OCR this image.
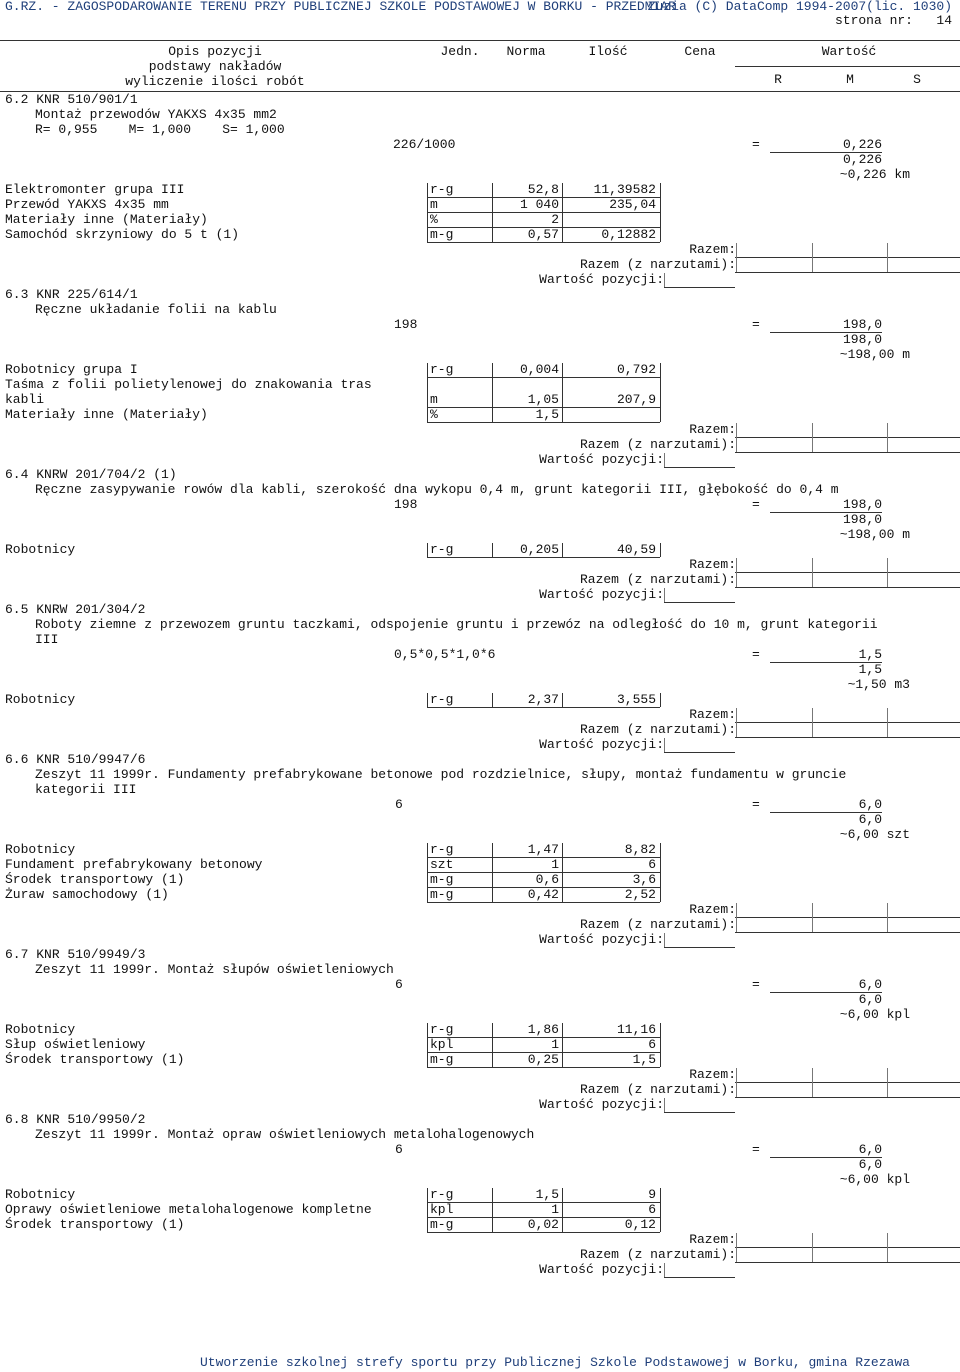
G.RZ. - ZAGOSPODAROWANIE TERENU PRZY PUBLICZNEJ SZKOLE PODSTAWOWEJ W BORKU - PRZEDMIAR
Zuzia (C) DataComp 1994-2007(lic. 1030)
strona nr: 14
Opis pozycji
podstawy nakładów
wyliczenie ilości robót
Jedn.	Norma	Ilość	Cena	Wartość
R	M	S
6.2 KNR 510/901/1
Montaż przewodów YAKXS 4x35 mm2
R= 0,955    M= 1,000    S= 1,000
226/1000	=	0,226
0,226
~0,226 km
Elektromonter grupa III	r-g	52,8	11,39582
Przewód YAKXS 4x35 mm	m	1 040	235,04
Materiały inne (Materiały)	%	2
Samochód skrzyniowy do 5 t (1)	m-g	0,57	0,12882
Razem:
Razem (z narzutami):
Wartość pozycji:
6.3 KNR 225/614/1
Ręczne układanie folii na kablu
198	=	198,0
198,0
~198,00 m
Robotnicy grupa I	r-g	0,004	0,792
Taśma z folii polietylenowej do znakowania tras
kabli	m	1,05	207,9
Materiały inne (Materiały)	%	1,5
Razem:
Razem (z narzutami):
Wartość pozycji:
6.4 KNRW 201/704/2 (1)
Ręczne zasypywanie rowów dla kabli, szerokość dna wykopu 0,4 m, grunt kategorii III, głębokość do 0,4 m
198	=	198,0
198,0
~198,00 m
Robotnicy	r-g	0,205	40,59
Razem:
Razem (z narzutami):
Wartość pozycji:
6.5 KNRW 201/304/2
Roboty ziemne z przewozem gruntu taczkami, odspojenie gruntu i przewóz na odległość do 10 m, grunt kategorii
III
0,5*0,5*1,0*6	=	1,5
1,5
~1,50 m3
Robotnicy	r-g	2,37	3,555
Razem:
Razem (z narzutami):
Wartość pozycji:
6.6 KNR 510/9947/6
Zeszyt 11 1999r. Fundamenty prefabrykowane betonowe pod rozdzielnice, słupy, montaż fundamentu w gruncie
kategorii III
6	=	6,0
6,0
~6,00 szt
Robotnicy	r-g	1,47	8,82
Fundament prefabrykowany betonowy	szt	1	6
Środek transportowy (1)	m-g	0,6	3,6
Żuraw samochodowy (1)	m-g	0,42	2,52
Razem:
Razem (z narzutami):
Wartość pozycji:
6.7 KNR 510/9949/3
Zeszyt 11 1999r. Montaż słupów oświetleniowych
6	=	6,0
6,0
~6,00 kpl
Robotnicy	r-g	1,86	11,16
Słup oświetleniowy	kpl	1	6
Środek transportowy (1)	m-g	0,25	1,5
Razem:
Razem (z narzutami):
Wartość pozycji:
6.8 KNR 510/9950/2
Zeszyt 11 1999r. Montaż opraw oświetleniowych metalohalogenowych
6	=	6,0
6,0
~6,00 kpl
Robotnicy	r-g	1,5	9
Oprawy oświetleniowe metalohalogenowe kompletne	kpl	1	6
Środek transportowy (1)	m-g	0,02	0,12
Razem:
Razem (z narzutami):
Wartość pozycji:
Utworzenie szkolnej strefy sportu przy Publicznej Szkole Podstawowej w Borku, gmina Rzezawa
